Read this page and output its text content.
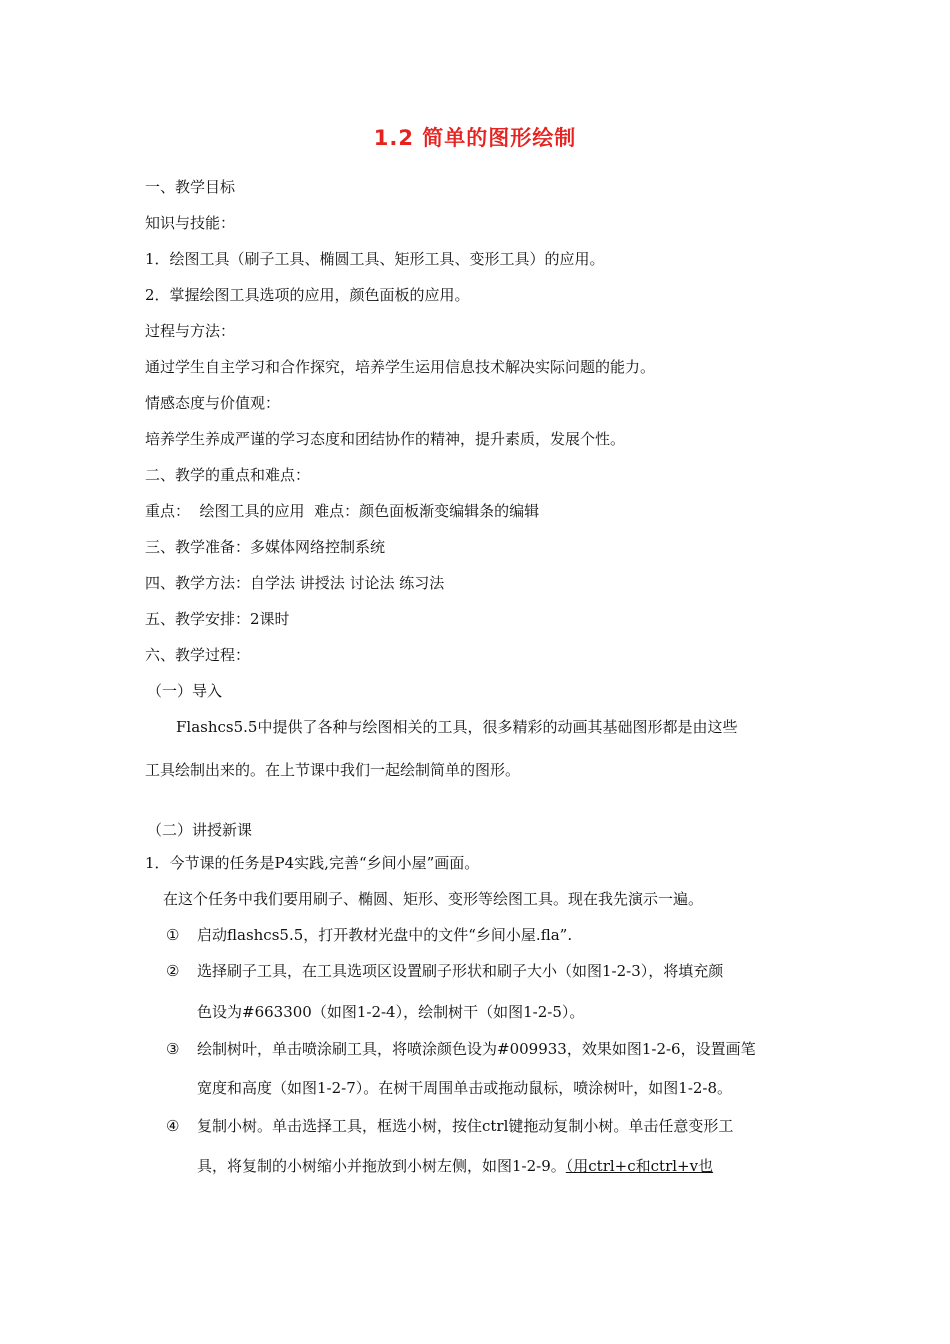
1.2 简单的图形绘制
一、教学目标
知识与技能：
1．绘图工具（刷子工具、椭圆工具、矩形工具、变形工具）的应用。
2．掌握绘图工具选项的应用，颜色面板的应用。
过程与方法：
通过学生自主学习和合作探究，培养学生运用信息技术解决实际问题的能力。
情感态度与价值观：
培养学生养成严谨的学习态度和团结协作的精神，提升素质，发展个性。
二、教学的重点和难点：
重点：  绘图工具的应用  难点：颜色面板渐变编辑条的编辑
三、教学准备：多媒体网络控制系统
四、教学方法：自学法 讲授法 讨论法 练习法
五、教学安排：2课时
六、教学过程：
（一）导入
Flashcs5.5中提供了各种与绘图相关的工具，很多精彩的动画其基础图形都是由这些
工具绘制出来的。在上节课中我们一起绘制简单的图形。
（二）讲授新课
1．今节课的任务是P4实践,完善“乡间小屋”画面。
在这个任务中我们要用刷子、椭圆、矩形、变形等绘图工具。现在我先演示一遍。
① 启动flashcs5.5，打开教材光盘中的文件“乡间小屋.fla”.
② 选择刷子工具，在工具选项区设置刷子形状和刷子大小（如图1-2-3），将填充颜
色设为#663300（如图1-2-4），绘制树干（如图1-2-5）。
③ 绘制树叶，单击喷涂刷工具，将喷涂颜色设为#009933，效果如图1-2-6，设置画笔
宽度和高度（如图1-2-7）。在树干周围单击或拖动鼠标，喷涂树叶，如图1-2-8。
④ 复制小树。单击选择工具，框选小树，按住ctrl键拖动复制小树。单击任意变形工
具，将复制的小树缩小并拖放到小树左侧，如图1-2-9。（用ctrl+c和ctrl+v也
